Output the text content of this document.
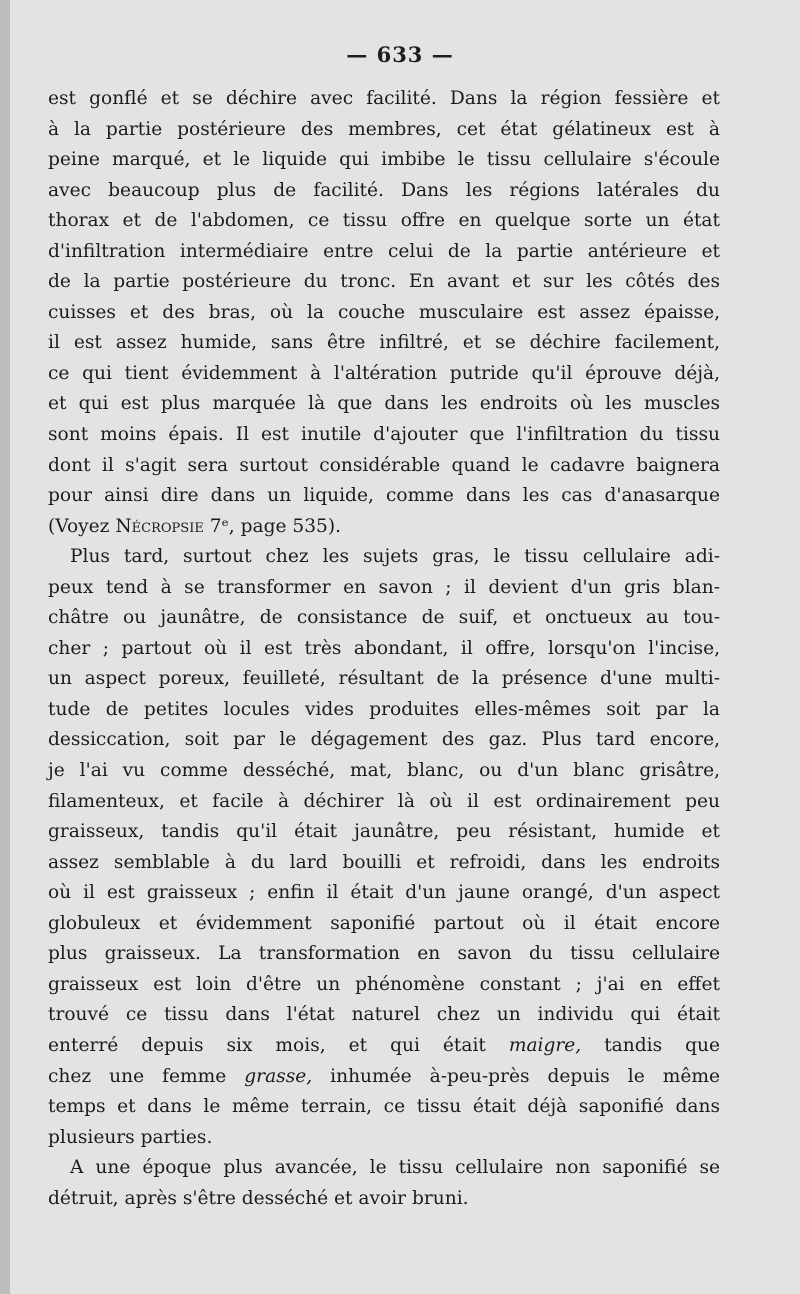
— 633 —
est gonflé et se déchire avec facilité. Dans la région fessière et
à la partie postérieure des membres, cet état gélatineux est à
peine marqué, et le liquide qui imbibe le tissu cellulaire s'écoule
avec beaucoup plus de facilité. Dans les régions latérales du
thorax et de l'abdomen, ce tissu offre en quelque sorte un état
d'infiltration intermédiaire entre celui de la partie antérieure et
de la partie postérieure du tronc. En avant et sur les côtés des
cuisses et des bras, où la couche musculaire est assez épaisse,
il est assez humide, sans être infiltré, et se déchire facilement,
ce qui tient évidemment à l'altération putride qu'il éprouve déjà,
et qui est plus marquée là que dans les endroits où les muscles
sont moins épais. Il est inutile d'ajouter que l'infiltration du tissu
dont il s'agit sera surtout considérable quand le cadavre baignera
pour ainsi dire dans un liquide, comme dans les cas d'anasarque
(Voyez Nécropsie 7ᵉ, page 535).
Plus tard, surtout chez les sujets gras, le tissu cellulaire adi-
peux tend à se transformer en savon ; il devient d'un gris blan-
châtre ou jaunâtre, de consistance de suif, et onctueux au tou-
cher ; partout où il est très abondant, il offre, lorsqu'on l'incise,
un aspect poreux, feuilleté, résultant de la présence d'une multi-
tude de petites locules vides produites elles-mêmes soit par la
dessiccation, soit par le dégagement des gaz. Plus tard encore,
je l'ai vu comme desséché, mat, blanc, ou d'un blanc grisâtre,
filamenteux, et facile à déchirer là où il est ordinairement peu
graisseux, tandis qu'il était jaunâtre, peu résistant, humide et
assez semblable à du lard bouilli et refroidi, dans les endroits
où il est graisseux ; enfin il était d'un jaune orangé, d'un aspect
globuleux et évidemment saponifié partout où il était encore
plus graisseux. La transformation en savon du tissu cellulaire
graisseux est loin d'être un phénomène constant ; j'ai en effet
trouvé ce tissu dans l'état naturel chez un individu qui était
enterré depuis six mois, et qui était maigre, tandis que
chez une femme grasse, inhumée à-peu-près depuis le même
temps et dans le même terrain, ce tissu était déjà saponifié dans
plusieurs parties.
A une époque plus avancée, le tissu cellulaire non saponifié se
détruit, après s'être desséché et avoir bruni.
